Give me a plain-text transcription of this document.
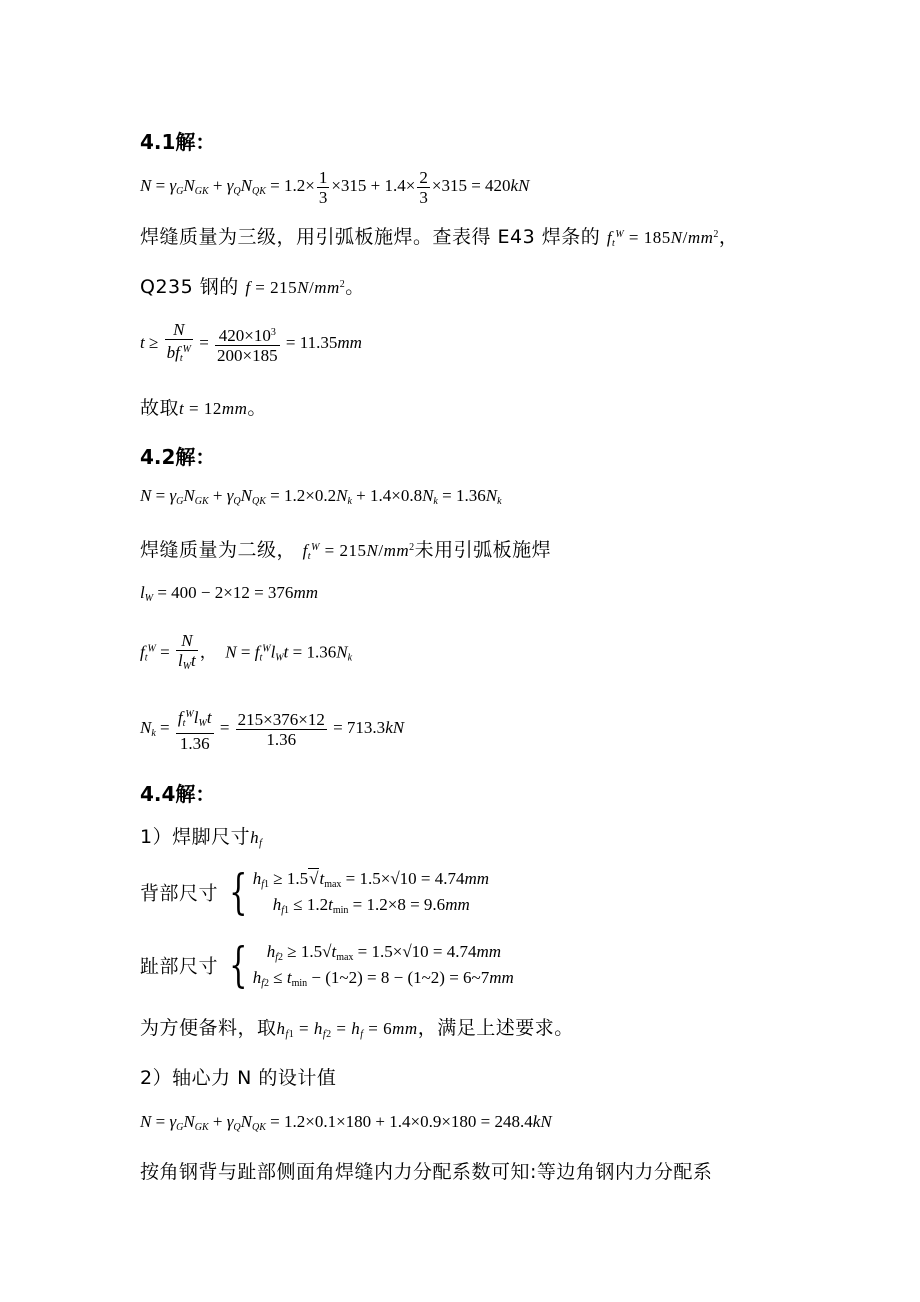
4.1解：
$N = \gamma_GN_{GK} + \gamma_QN_{QK} = 1.2\times \frac{1}{3} \times 315 + 1.4\times \frac{2}{3} \times 315 = 420kN$
焊缝质量为三级，用引弧板施焊。查表得 E43 焊条的 $f_t^W = 185N/mm^2$，
Q235 钢的 $f = 215N/mm^2$。
$t \ge \frac{N}{bf_t^W} = \frac{420\times 10^3}{200\times 185} = 11.35mm$
故取t = 12mm。
4.2解：
$N = \gamma_GN_{GK} + \gamma_QN_{QK} = 1.2\times 0.2N_k + 1.4\times 0.8N_k = 1.36N_k$
焊缝质量为二级， $f_t^W = 215N/mm^2$未用引弧板施焊
$l_W = 400 - 2\times 12 = 376mm$
$f_t^W = \frac{N}{l_Wt}$ ， $N = f_t^Wl_Wt = 1.36N_k$
$N_k = \frac{f_t^Wl_Wt}{1.36} = \frac{215\times 376\times 12}{1.36} = 713.3kN$
4.4解：
1）焊脚尺寸$h_f$
背部尺寸 { $h_{f1} \ge 1.5√t_{max} = 1.5\times√10 = 4.74mm$
$h_{f1} \le 1.2t_{min} = 1.2\times 8 = 9.6mm$
趾部尺寸 {	$h_{f2} \ge 1.5√t_{max} = 1.5\times√10 = 4.74mm$
$h_{f2} \le t_{min}$ − (1~2) = 8 − (1~2) = 6~7mm
为方便备料，取$h_{f1} = h_{f2} = h_f = 6mm$，满足上述要求。
2）轴心力 N 的设计值
$N = \gamma_GN_{GK} + \gamma_QN_{QK} = 1.2\times 0.1\times 180 + 1.4\times 0.9\times 180 = 248.4kN$
按角钢背与趾部侧面角焊缝内力分配系数可知:等边角钢内力分配系
